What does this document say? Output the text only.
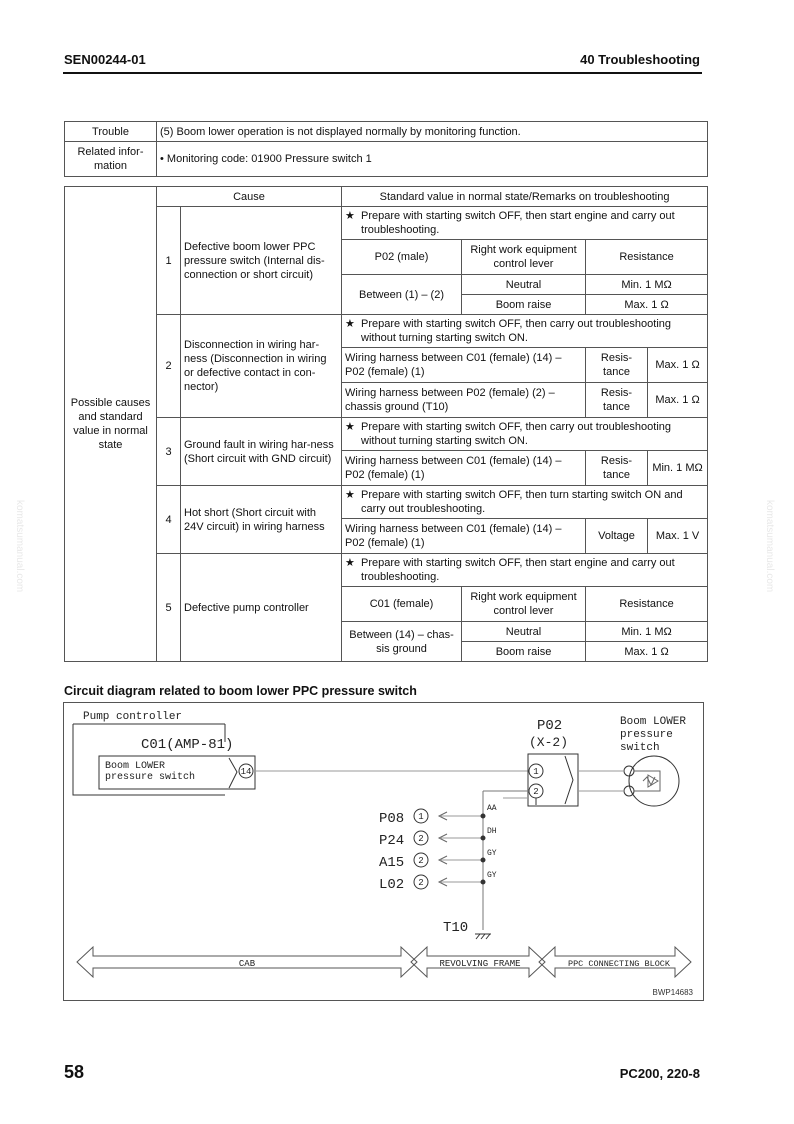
SEN00244-01	40 Troubleshooting
komatsumanual.com	komatsumanual.com
Trouble	(5) Boom lower operation is not displayed normally by monitoring function.
Related infor-mation	• Monitoring code: 01900 Pressure switch 1
Possible causes and standard value in normal state	Cause		Standard value in normal state/Remarks on troubleshooting			
	1	Defective boom lower PPC pressure switch (Internal dis-connection or short circuit)	★ Prepare with starting switch OFF, then start engine and carry out troubleshooting.			

			P02 (male)	Right work equipment control lever	Resistance	
			Between (1) – (2)	Neutral	Min. 1 MΩ	
				Boom raise	Max. 1 Ω	
	2	Disconnection in wiring har-ness (Disconnection in wiring or defective contact in con-nector)	★ Prepare with starting switch OFF, then carry out troubleshooting without turning starting switch ON.			

			Wiring harness between C01 (female) (14) – P02 (female) (1)		Resis-tance	Max. 1 Ω
			Wiring harness between P02 (female) (2) – chassis ground (T10)		Resis-tance	Max. 1 Ω
	3	Ground fault in wiring har-ness (Short circuit with GND circuit)	★ Prepare with starting switch OFF, then carry out troubleshooting without turning starting switch ON.			

			Wiring harness between C01 (female) (14) – P02 (female) (1)		Resis-tance	Min. 1 MΩ
	4	Hot short (Short circuit with 24V circuit) in wiring harness	★ Prepare with starting switch OFF, then turn starting switch ON and carry out troubleshooting.			

			Wiring harness between C01 (female) (14) – P02 (female) (1)		Voltage	Max. 1 V
	5	Defective pump controller	★ Prepare with starting switch OFF, then start engine and carry out troubleshooting.			

			C01 (female)	Right work equipment control lever	Resistance	
			Between (14) – chas-sis ground	Neutral	Min. 1 MΩ	
				Boom raise	Max. 1 Ω	
Circuit diagram related to boom lower PPC pressure switch
Pump controller
C01(AMP-81)
Boom LOWER
pressure switch	14
P02
(X-2)
1
2
Boom LOWER
pressure
switch
P08 1
AA
P24 2
DH
A15 2
GY
L02 2
GY
T10
CAB	REVOLVING FRAME	PPC CONNECTING BLOCK
BWP14683
58	PC200, 220-8
